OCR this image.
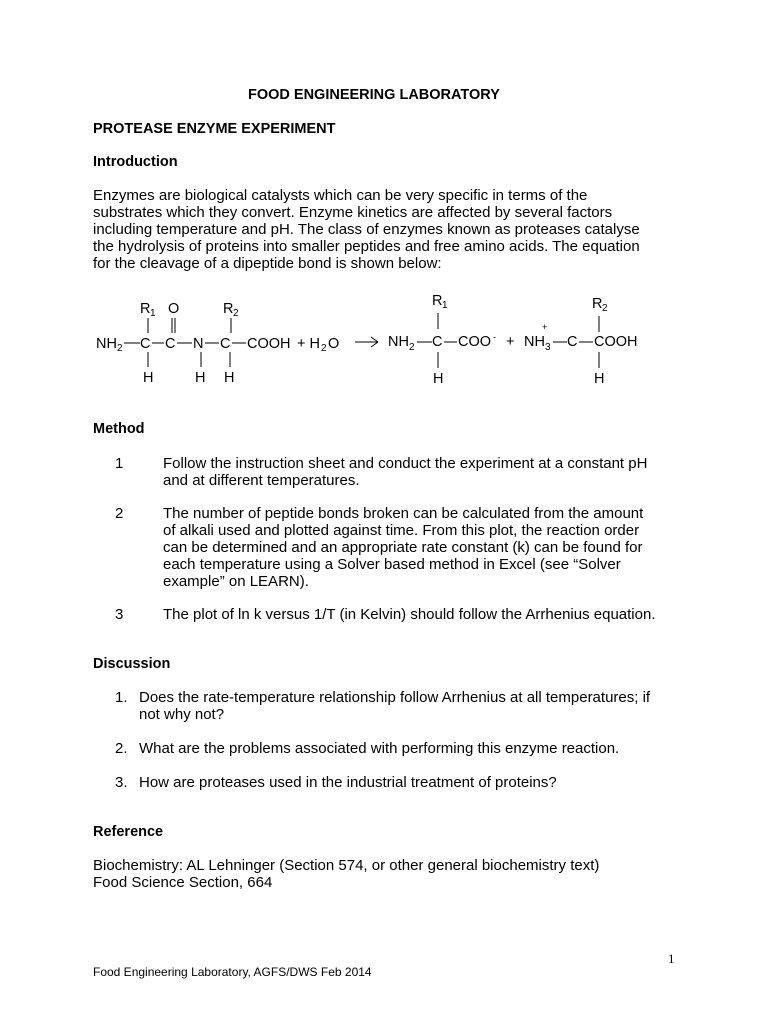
FOOD ENGINEERING LABORATORY
PROTEASE ENZYME EXPERIMENT
Introduction
Enzymes are biological catalysts which can be very specific in terms of the
substrates which they convert. Enzyme kinetics are affected by several factors
including temperature and pH. The class of enzymes known as proteases catalyse
the hydrolysis of proteins into smaller peptides and free amino acids. The equation
for the cleavage of a dipeptide bond is shown below:
R 1 O	R 2
NH 2 C C N C COOH + H 2 O
H	H H
R 1
NH 2 C COO - +
+
NH 3 C COOH
R 2
H	H
Method
1	Follow the instruction sheet and conduct the experiment at a constant pH
and at different temperatures.
2	The number of peptide bonds broken can be calculated from the amount
of alkali used and plotted against time. From this plot, the reaction order
can be determined and an appropriate rate constant (k) can be found for
each temperature using a Solver based method in Excel (see “Solver
example” on LEARN).
3	The plot of ln k versus 1/T (in Kelvin) should follow the Arrhenius equation.
Discussion
1. Does the rate-temperature relationship follow Arrhenius at all temperatures; if
not why not?
2. What are the problems associated with performing this enzyme reaction.
3. How are proteases used in the industrial treatment of proteins?
Reference
Biochemistry: AL Lehninger (Section 574, or other general biochemistry text)
Food Science Section, 664
1
Food Engineering Laboratory, AGFS/DWS Feb 2014
